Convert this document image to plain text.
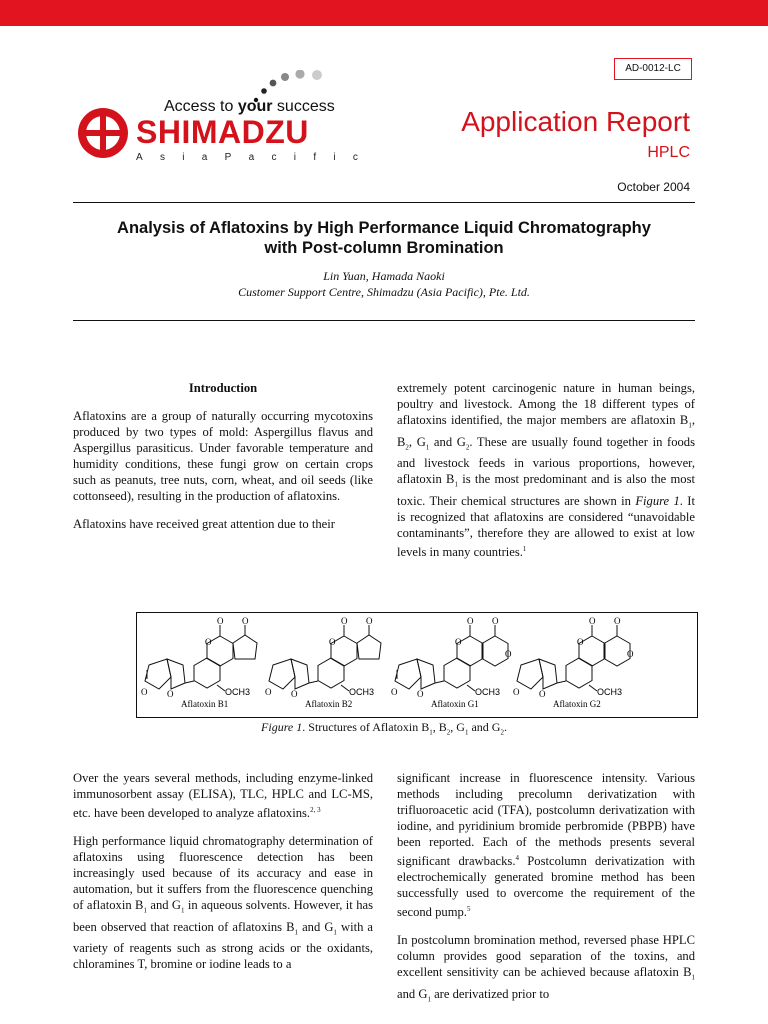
AD-0012-LC
Access to your success
SHIMADZU
A s i a P a c i f i c
Application Report
HPLC
October 2004
Analysis of Aflatoxins by High Performance Liquid Chromatography
with Post-column Bromination
Lin Yuan, Hamada Naoki
Customer Support Centre, Shimadzu (Asia Pacific), Pte. Ltd.
Introduction

Aflatoxins are a group of naturally occurring mycotoxins produced by two types of mold: Aspergillus flavus and Aspergillus parasiticus. Under favorable temperature and humidity conditions, these fungi grow on certain crops such as peanuts, tree nuts, corn, wheat, and oil seeds (like cottonseed), resulting in the production of aflatoxins.

Aflatoxins have received great attention due to their

extremely potent carcinogenic nature in human beings, poultry and livestock. Among the 18 different types of aflatoxins identified, the major members are aflatoxin $B_1$, $B_2$, $G_1$ and $G_2$. These are usually found together in foods and livestock feeds in various proportions, however, aflatoxin $B_1$ is the most predominant and is also the most toxic. Their chemical structures are shown in Figure 1. It is recognized that aflatoxins are considered “unavoidable contaminants”, therefore they are allowed to exist at low levels in many countries.$^1$

O O
O
O O	OCH3
Aflatoxin B1
O O
O
O O	OCH3
Aflatoxin B2
O O
O
O
O O	OCH3
Aflatoxin G1
O O
O
O
O O	OCH3
Aflatoxin G2
Figure 1. Structures of Aflatoxin $B_1$, $B_2$, $G_1$ and $G_2$.

Over the years several methods, including enzyme-linked immunosorbent assay (ELISA), TLC, HPLC and LC-MS, etc. have been developed to analyze aflatoxins.$^{2, 3}$

High performance liquid chromatography determination of aflatoxins using fluorescence detection has been increasingly used because of its accuracy and ease in automation, but it suffers from the fluorescence quenching of aflatoxin $B_1$ and $G_1$ in aqueous solvents. However, it has been observed that reaction of aflatoxins $B_1$ and $G_1$ with a variety of reagents such as strong acids or the oxidants, chloramines T, bromine or iodine leads to a

significant increase in fluorescence intensity. Various methods including precolumn derivatization with trifluoroacetic acid (TFA), postcolumn derivatization with iodine, and pyridinium bromide perbromide (PBPB) have been reported. Each of the methods presents several significant drawbacks.$^4$ Postcolumn derivatization with electrochemically generated bromine method has been successfully used to overcome the requirement of the second pump.$^5$

In postcolumn bromination method, reversed phase HPLC column provides good separation of the toxins, and excellent sensitivity can be achieved because aflatoxin $B_1$ and $G_1$ are derivatized prior to
